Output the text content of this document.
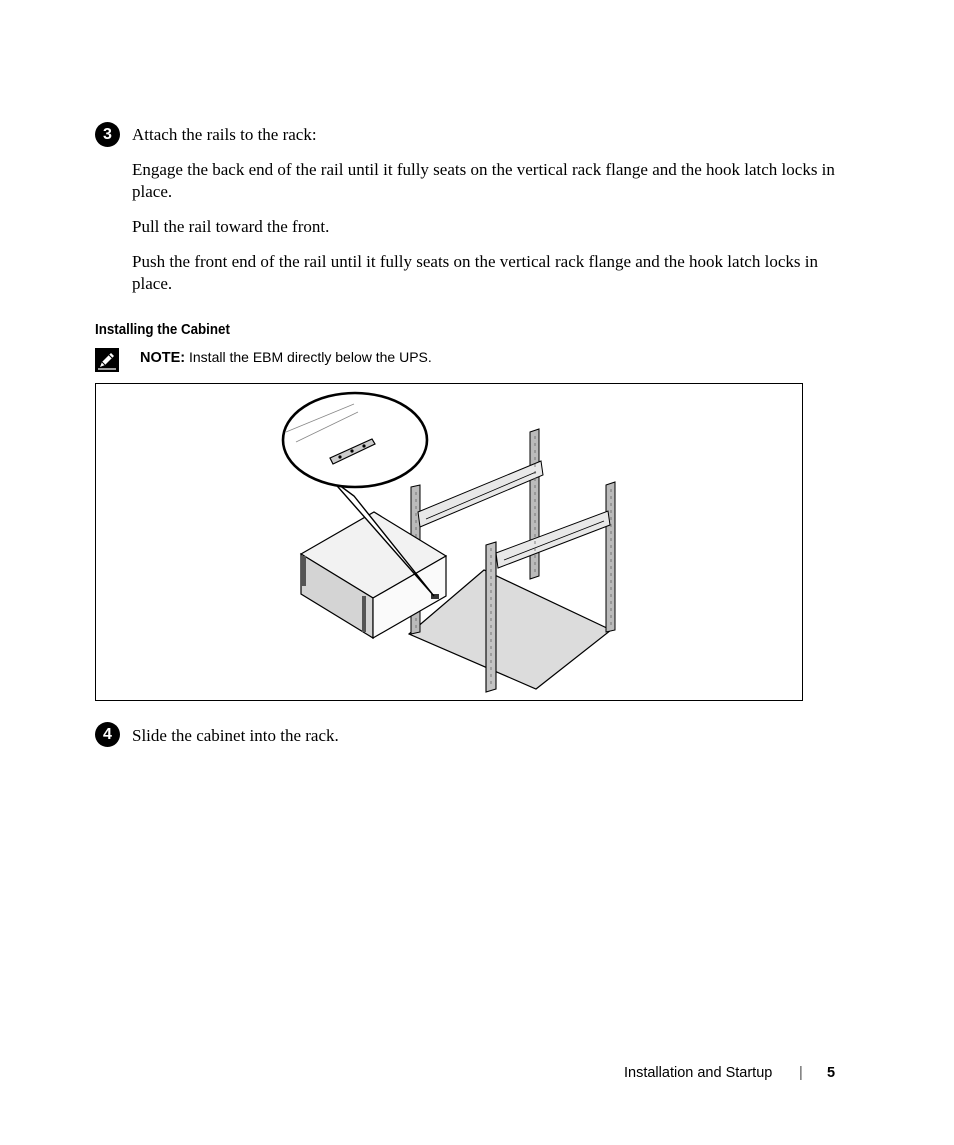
3	Attach the rails to the rack:
Engage the back end of the rail until it fully seats on the vertical rack flange and the hook latch locks in place.
Pull the rail toward the front.
Push the front end of the rail until it fully seats on the vertical rack flange and the hook latch locks in place.
Installing the Cabinet
NOTE: Install the EBM directly below the UPS.
4	Slide the cabinet into the rack.
Installation and Startup | 5
